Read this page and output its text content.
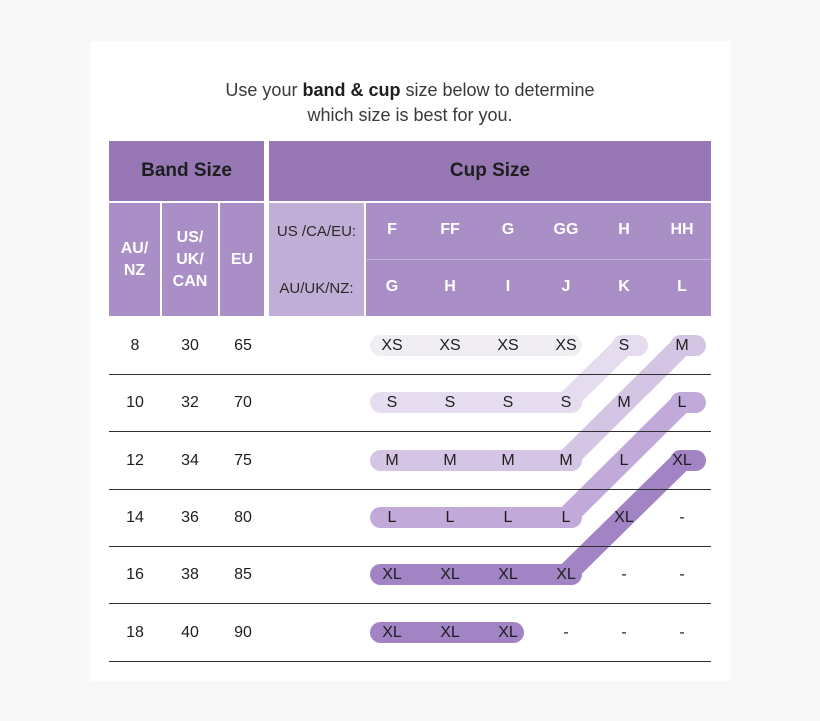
Use your band & cup size below to determine
which size is best for you.
Band Size
AU/ NZ
US/ UK/ CAN
EU
Cup Size
US /CA/EU:
AU/UK/NZ:
F	FF	G	GG	H	HH
G	H	I	J	K	L
8	30	65	XS	XS	XS	XS	S	M
10	32	70	S	S	S	S	M	L
12	34	75	M	M	M	M	L	XL
14	36	80	L	L	L	L	XL	-
16	38	85	XL	XL	XL	XL	-	-
18	40	90	XL	XL	XL	-	-	-
